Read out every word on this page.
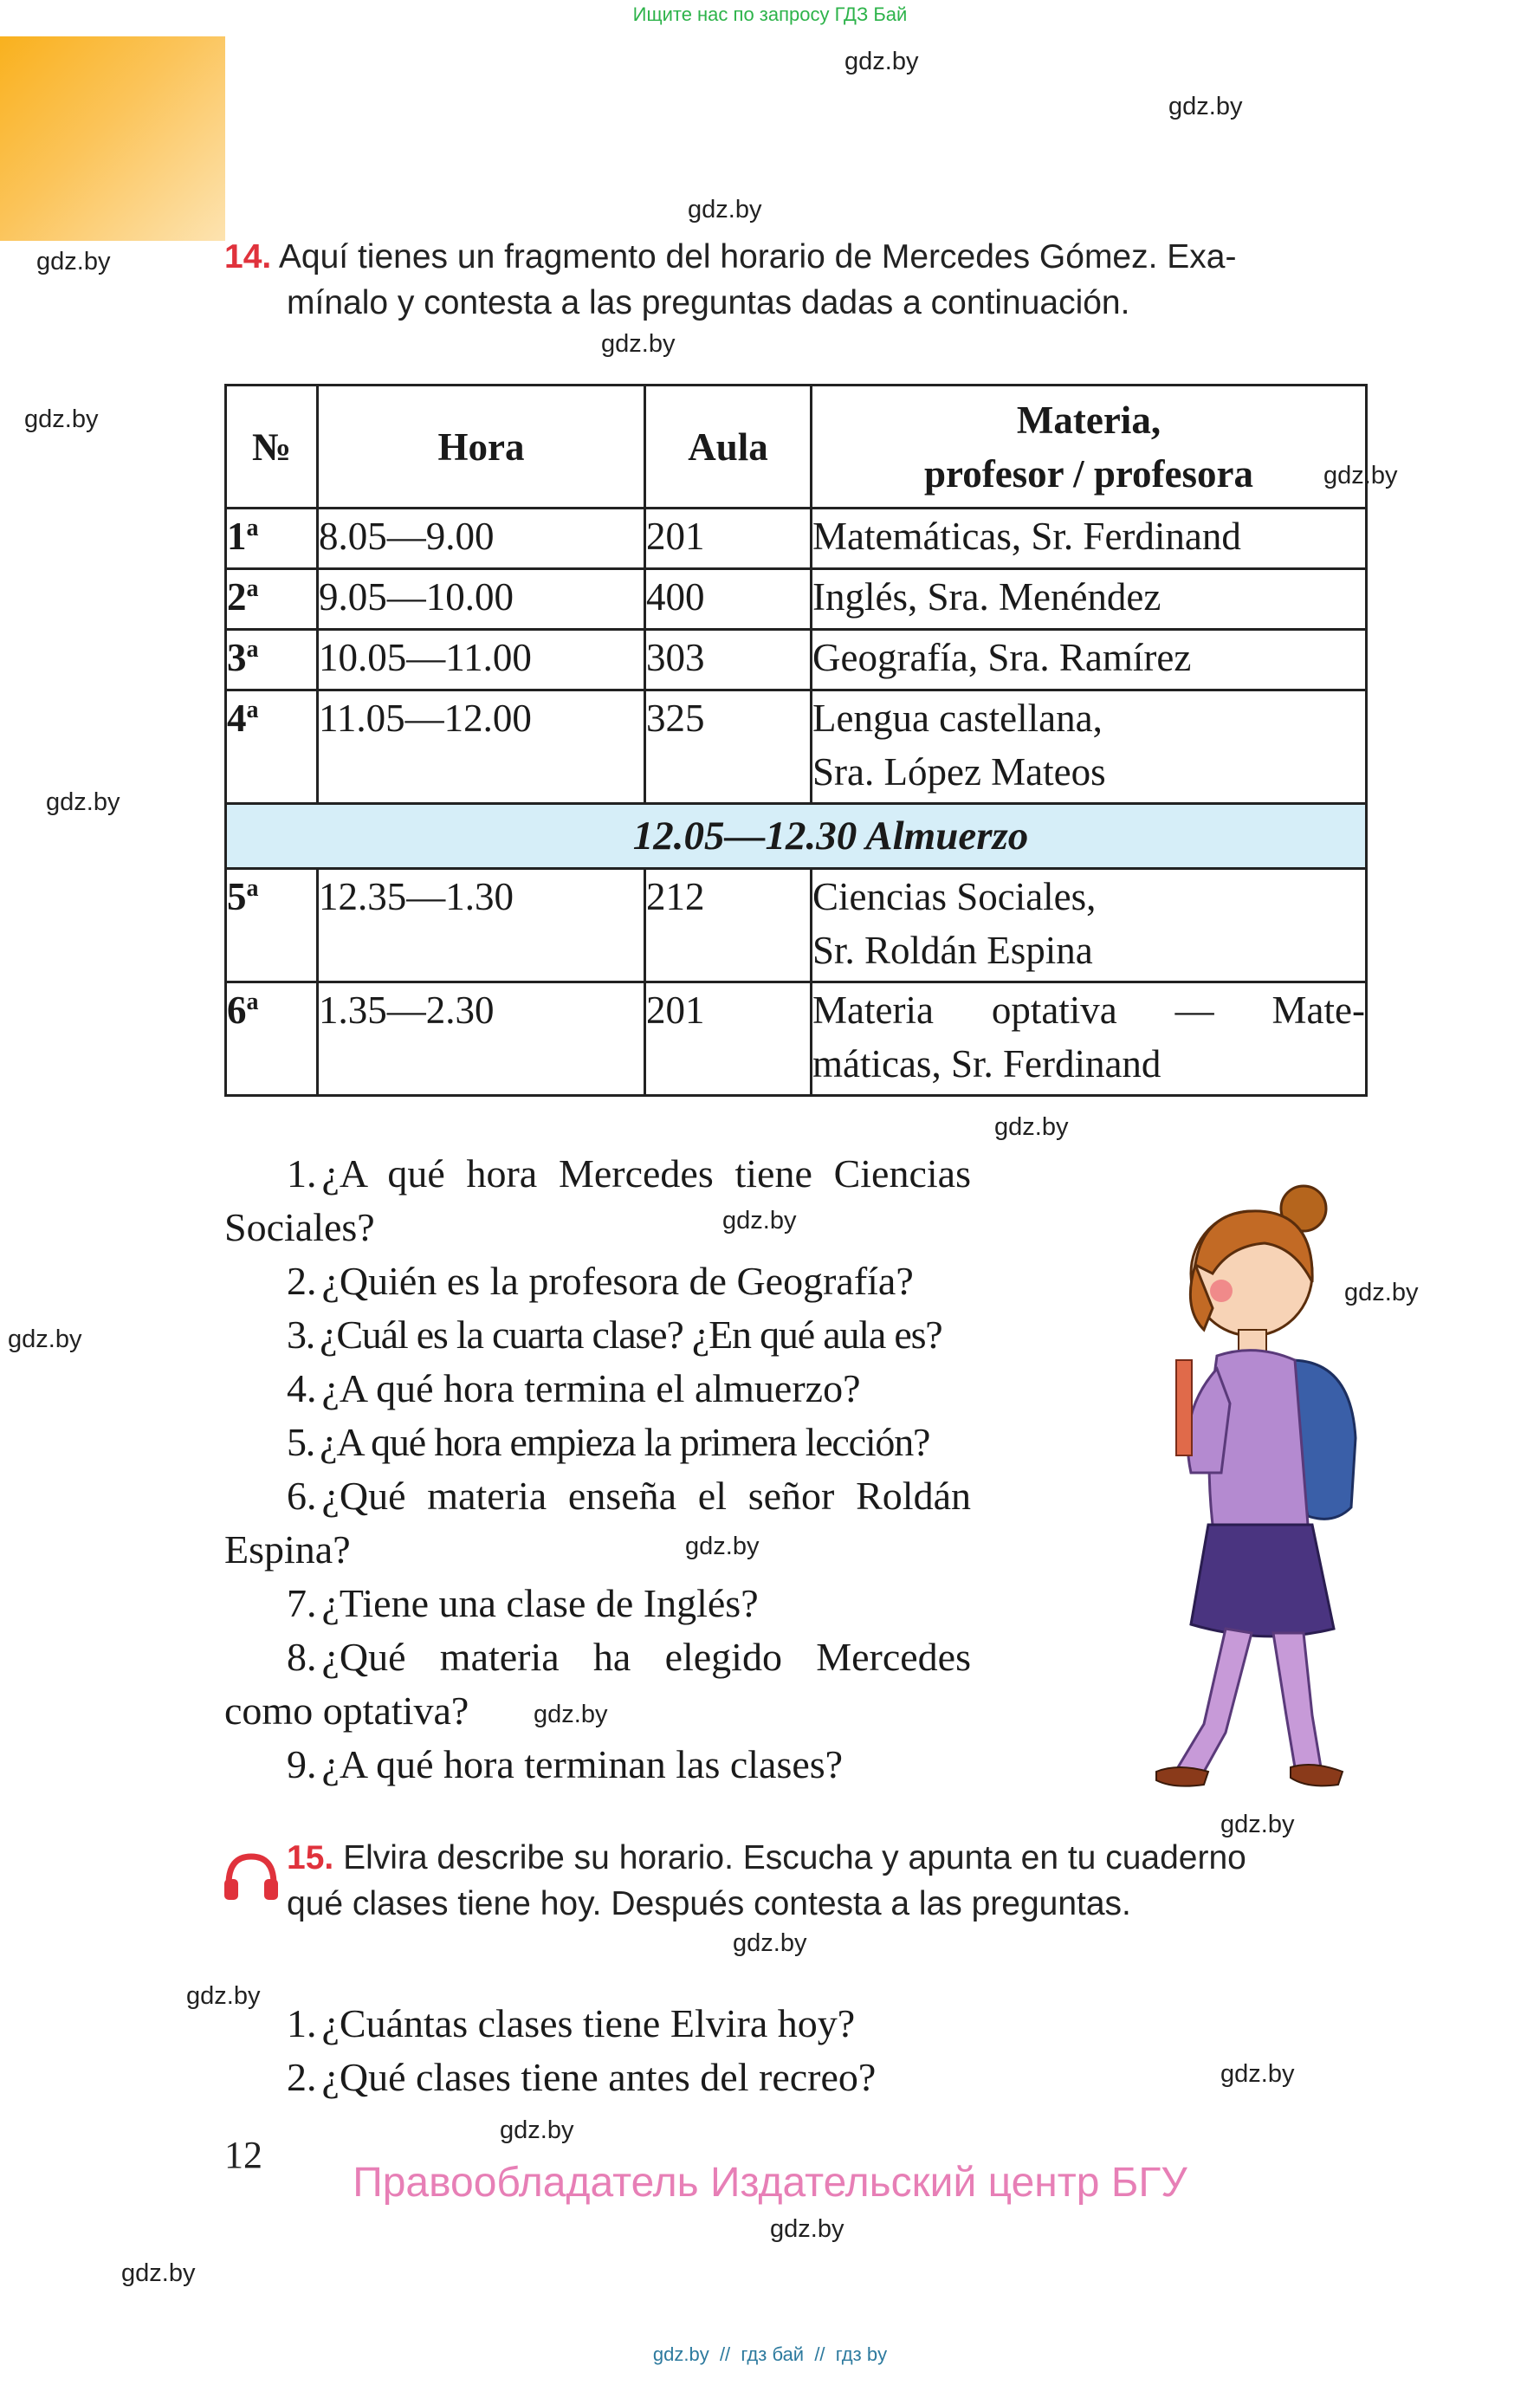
Ищите нас по запросу ГДЗ Бай
gdz.by
gdz.by
gdz.by
gdz.by
gdz.by
gdz.by
gdz.by
gdz.by
gdz.by
gdz.by
gdz.by
gdz.by
gdz.by
gdz.by
gdz.by
gdz.by
gdz.by
gdz.by
gdz.by
gdz.by
gdz.by
14. Aquí tienes un fragmento del horario de Mercedes Gómez. Exa-
mínalo y contesta a las preguntas dadas a continuación.
№	Hora	Aula	Materia,
profesor / profesora

1$^a$	8.05—9.00	201	Matemáticas, Sr. Ferdinand

2$^a$	9.05—10.00	400	Inglés, Sra. Menéndez

3$^a$	10.05—11.00	303	Geografía, Sra. Ramírez

4$^a$	11.05—12.00	325	Lengua castellana,
Sra. López Mateos

12.05—12.30 Almuerzo			
5$^a$	12.35—1.30	212	Ciencias Sociales,
Sr. Roldán Espina

6$^a$	1.35—2.30	201	Materia optativa — Mate-
máticas, Sr. Ferdinand
1. ¿A qué hora Mercedes tiene Ciencias
Sociales?
2. ¿Quién es la profesora de Geografía?
3. ¿Cuál es la cuarta clase? ¿En qué aula es?
4. ¿A qué hora termina el almuerzo?
5. ¿A qué hora empieza la primera lección?
6. ¿Qué materia enseña el señor Roldán
Espina?
7. ¿Tiene una clase de Inglés?
8. ¿Qué materia ha elegido Mercedes
como optativa?
9. ¿A qué hora terminan las clases?
15. Elvira describe su horario. Escucha y apunta en tu cuaderno
qué clases tiene hoy. Después contesta a las preguntas.
1. ¿Cuántas clases tiene Elvira hoy?
2. ¿Qué clases tiene antes del recreo?
12
Правообладатель Издательский центр БГУ
gdz.by  //  гдз бай  //  гдз by
